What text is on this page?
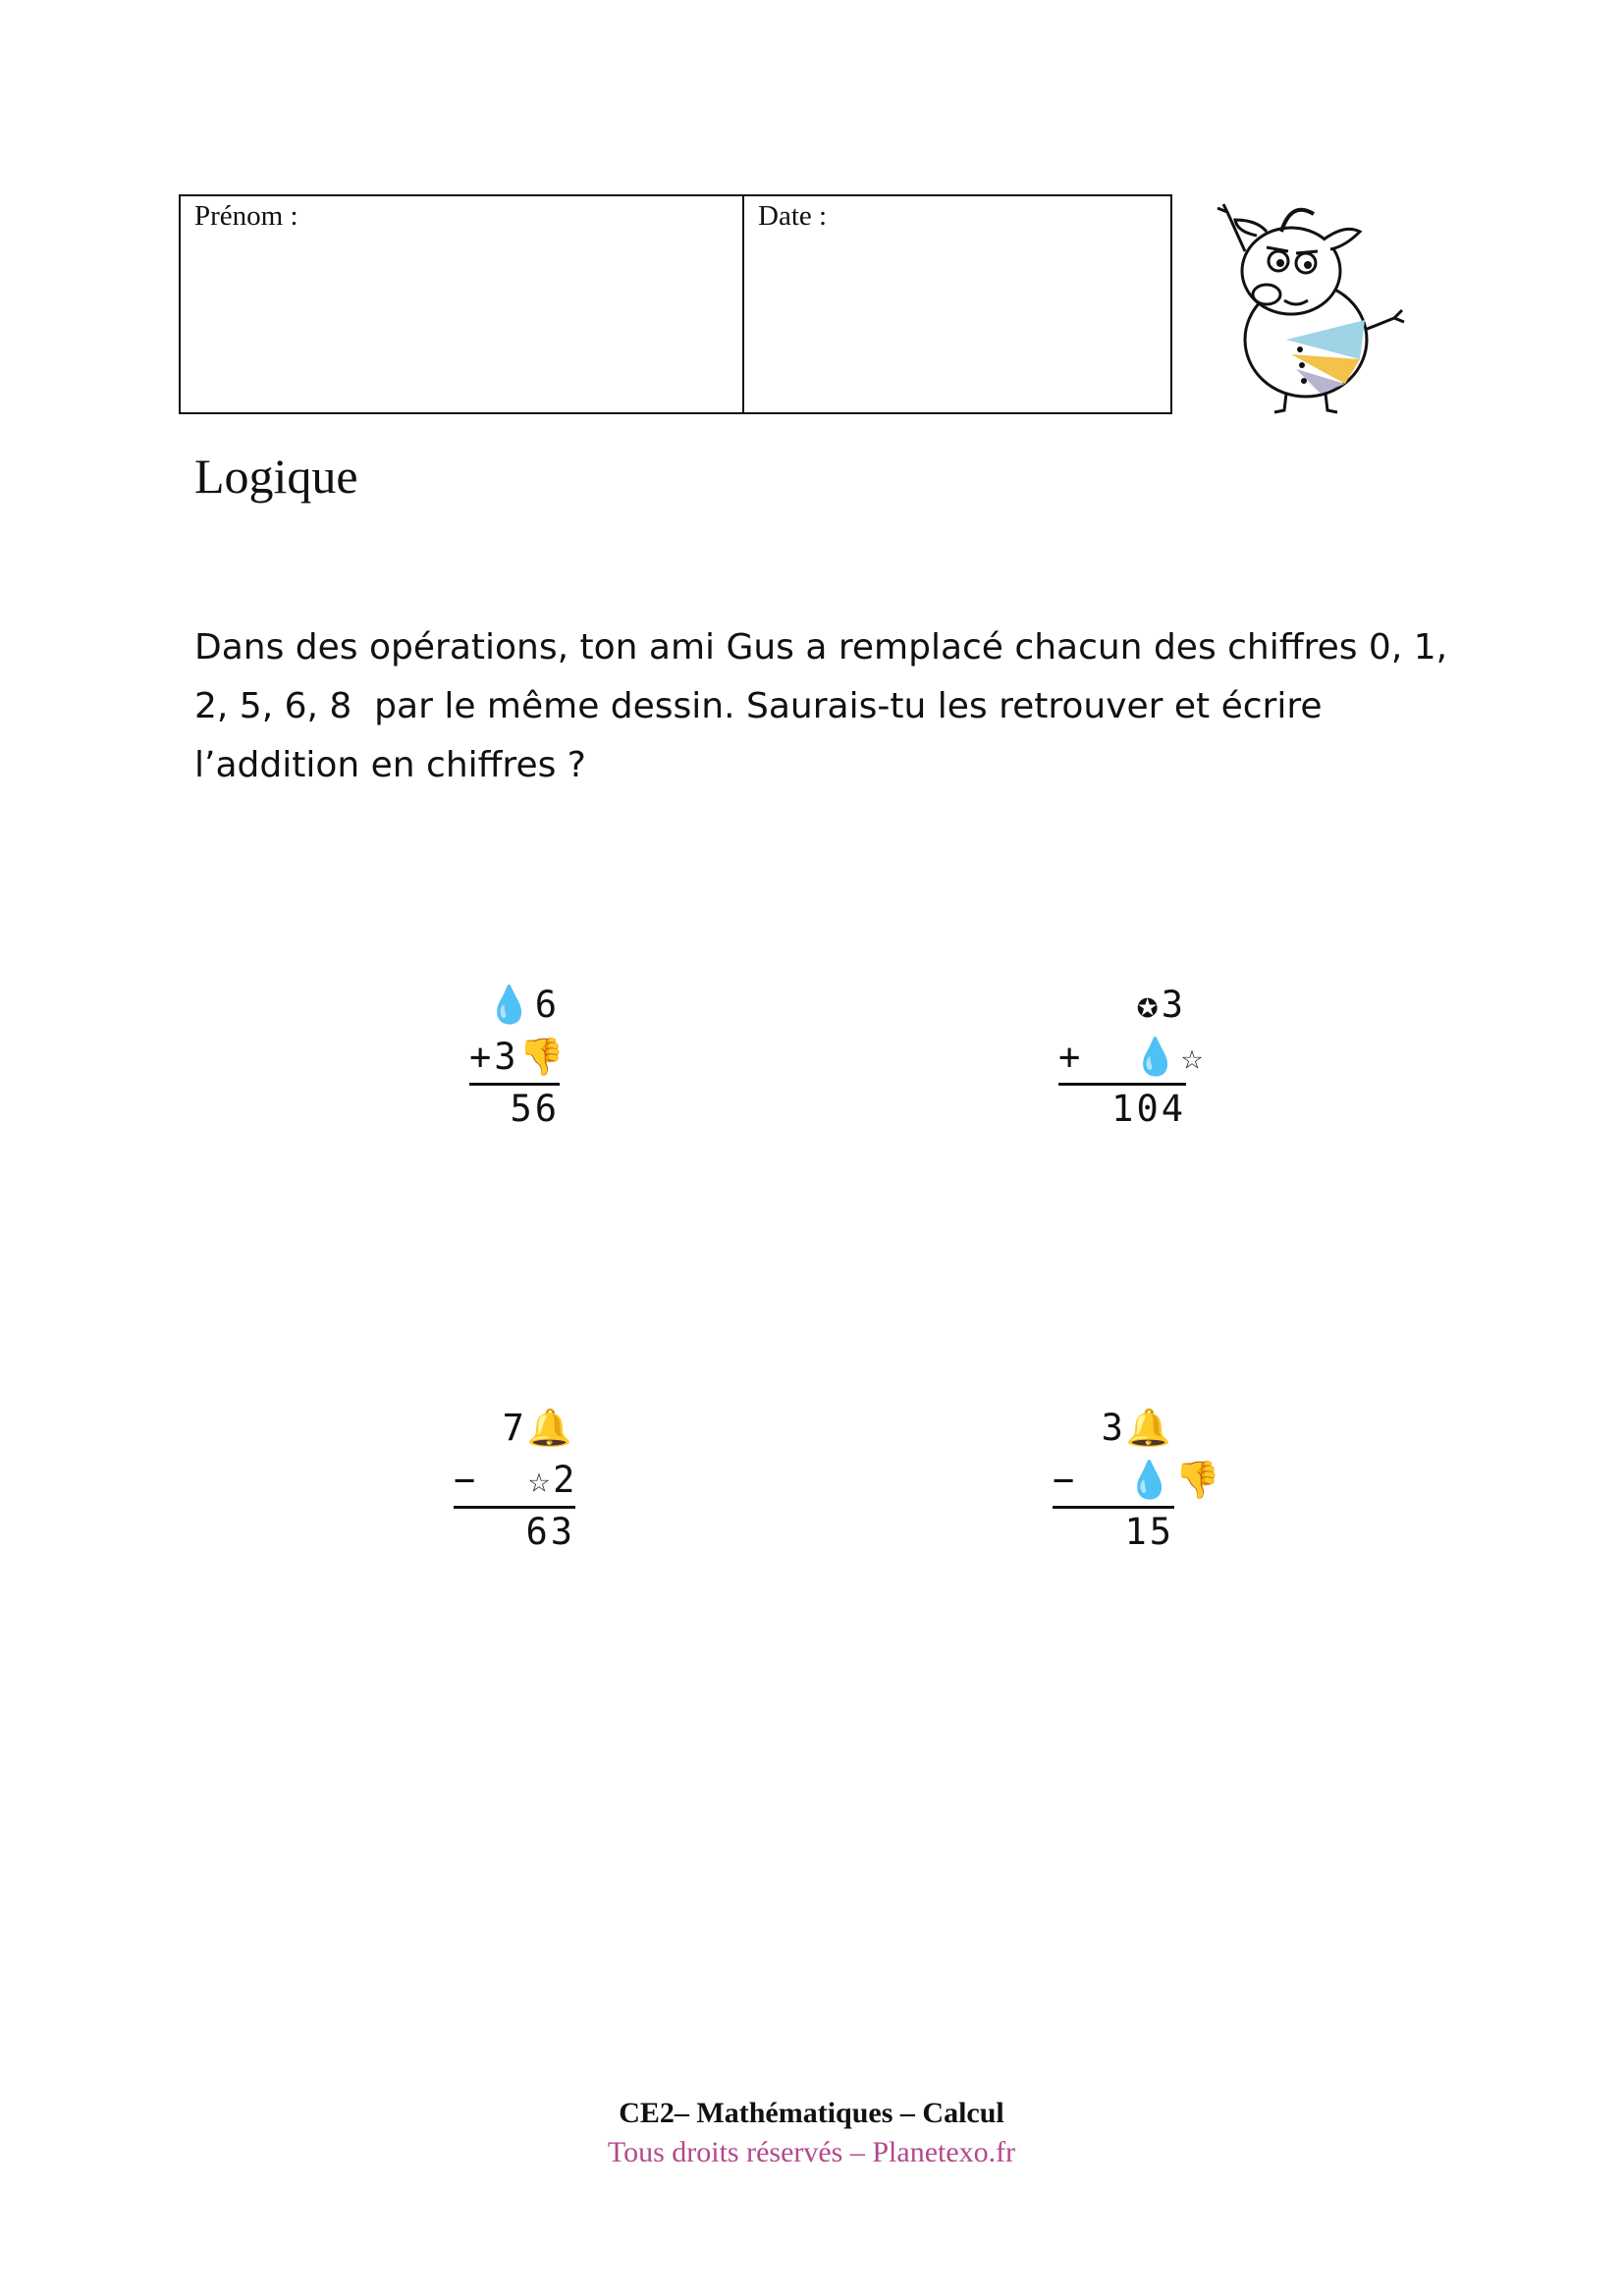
Prénom :	Date :
Logique

Dans des opérations, ton ami Gus a remplacé chacun des chiffres 0, 1,

2, 5, 6, 8  par le même dessin. Saurais-tu les retrouver et écrire

l’addition en chiffres ?

💧6
+3👎
56
✪3
+  💧☆
104
7🔔
−  ☆2
63
3🔔
−  💧👎
15
CE2– Mathématiques – Calcul
Tous droits réservés – Planetexo.fr
